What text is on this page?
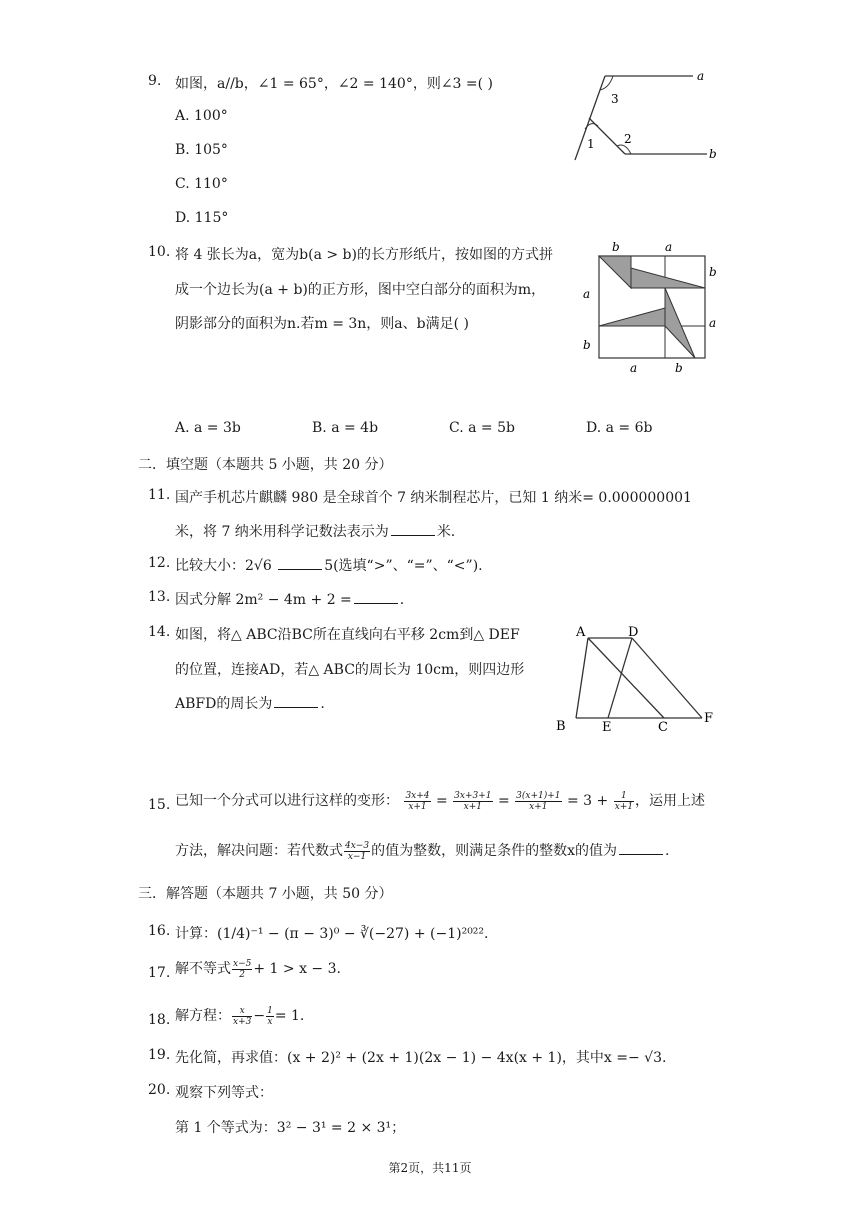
9. 如图，a//b，∠1 = 65°，∠2 = 140°，则∠3 =( )
A. 100°
B. 105°
C. 110°
D. 115°
a
b
1 2
3
10. 将 4 张长为a，宽为b(a > b)的长方形纸片，按如图的方式拼
成一个边长为(a + b)的正方形，图中空白部分的面积为m，
阴影部分的面积为n.若m = 3n，则a、b满足( )
b	a
b
a
a
b
a	b
A. a = 3b	B. a = 4b	C. a = 5b	D. a = 6b
二．填空题（本题共 5 小题，共 20 分）
11. 国产手机芯片麒麟 980 是全球首个 7 纳米制程芯片，已知 1 纳米= 0.000000001
米，将 7 纳米用科学记数法表示为	米.
12. 比较大小：2√6	5(选填“>”、“=”、“<”).
13. 因式分解 2m² − 4m + 2 =	.
14. 如图，将△ ABC沿BC所在直线向右平移 2cm到△ DEF
的位置，连接AD，若△ ABC的周长为 10cm，则四边形
ABFD的周长为	.
A	D
B	E	C
F
15. 已知一个分式可以进行这样的变形： $\frac{3x+4}{x+1} = \frac{3x+3+1}{x+1} = \frac{3(x+1)+1}{x+1} = 3 + \frac{1}{x+1}$ ，运用上述
方法，解决问题：若代数式 $\frac{4x-3}{x-1}$ 的值为整数，则满足条件的整数x的值为	.
三．解答题（本题共 7 小题，共 50 分）
16. 计算：(1/4)⁻¹ − (π − 3)⁰ − ∛(−27) + (−1)²⁰²².
17. 解不等式 $\frac{x-5}{2} + 1 > x - 3$.
18. 解方程： $\frac{x}{x+3} - \frac{1}{x} = 1$.
19. 先化简，再求值：(x + 2)² + (2x + 1)(2x − 1) − 4x(x + 1)，其中x =− √3.
20. 观察下列等式：
第 1 个等式为：3² − 3¹ = 2 × 3¹；
第2页，共11页
